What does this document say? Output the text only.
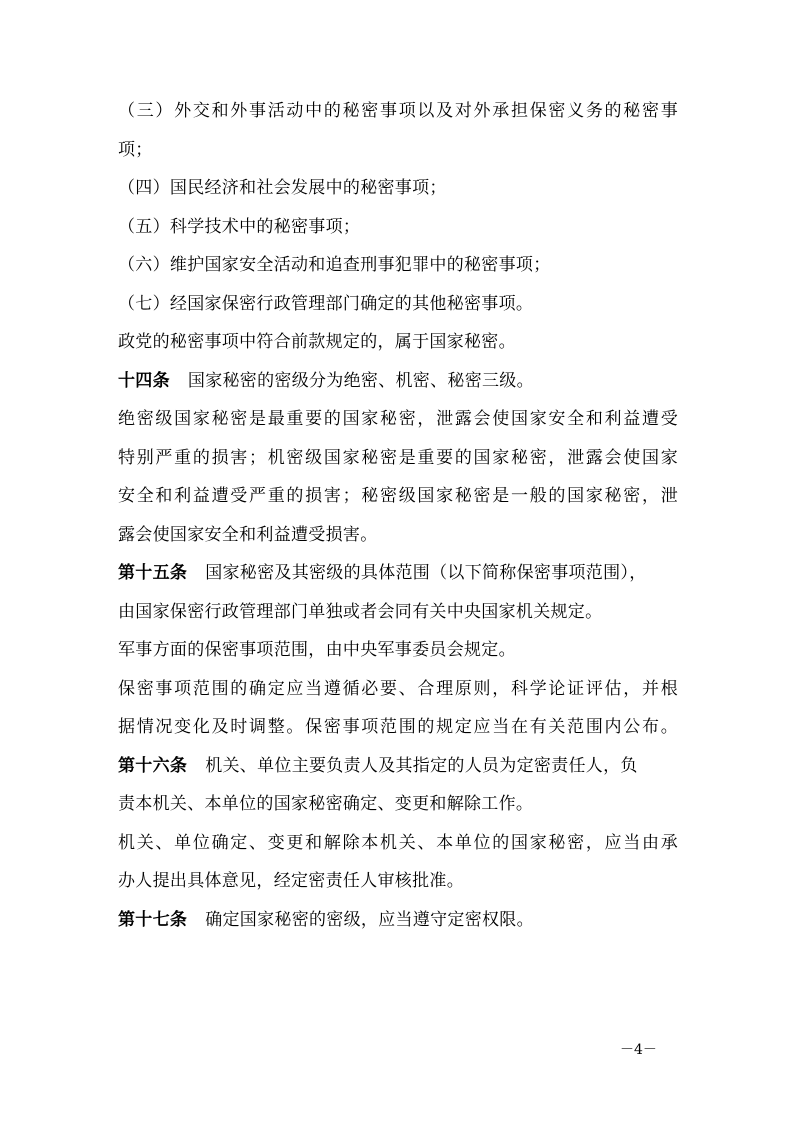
（三）外交和外事活动中的秘密事项以及对外承担保密义务的秘密事
项；
（四）国民经济和社会发展中的秘密事项；
（五）科学技术中的秘密事项；
（六）维护国家安全活动和追查刑事犯罪中的秘密事项；
（七）经国家保密行政管理部门确定的其他秘密事项。
政党的秘密事项中符合前款规定的，属于国家秘密。
十四条 国家秘密的密级分为绝密、机密、秘密三级。
绝密级国家秘密是最重要的国家秘密，泄露会使国家安全和利益遭受
特别严重的损害；机密级国家秘密是重要的国家秘密，泄露会使国家
安全和利益遭受严重的损害；秘密级国家秘密是一般的国家秘密，泄
露会使国家安全和利益遭受损害。
第十五条 国家秘密及其密级的具体范围（以下简称保密事项范围），
由国家保密行政管理部门单独或者会同有关中央国家机关规定。
军事方面的保密事项范围，由中央军事委员会规定。
保密事项范围的确定应当遵循必要、合理原则，科学论证评估，并根
据情况变化及时调整。保密事项范围的规定应当在有关范围内公布。
第十六条 机关、单位主要负责人及其指定的人员为定密责任人，负
责本机关、本单位的国家秘密确定、变更和解除工作。
机关、单位确定、变更和解除本机关、本单位的国家秘密，应当由承
办人提出具体意见，经定密责任人审核批准。
第十七条 确定国家秘密的密级，应当遵守定密权限。
－4－
